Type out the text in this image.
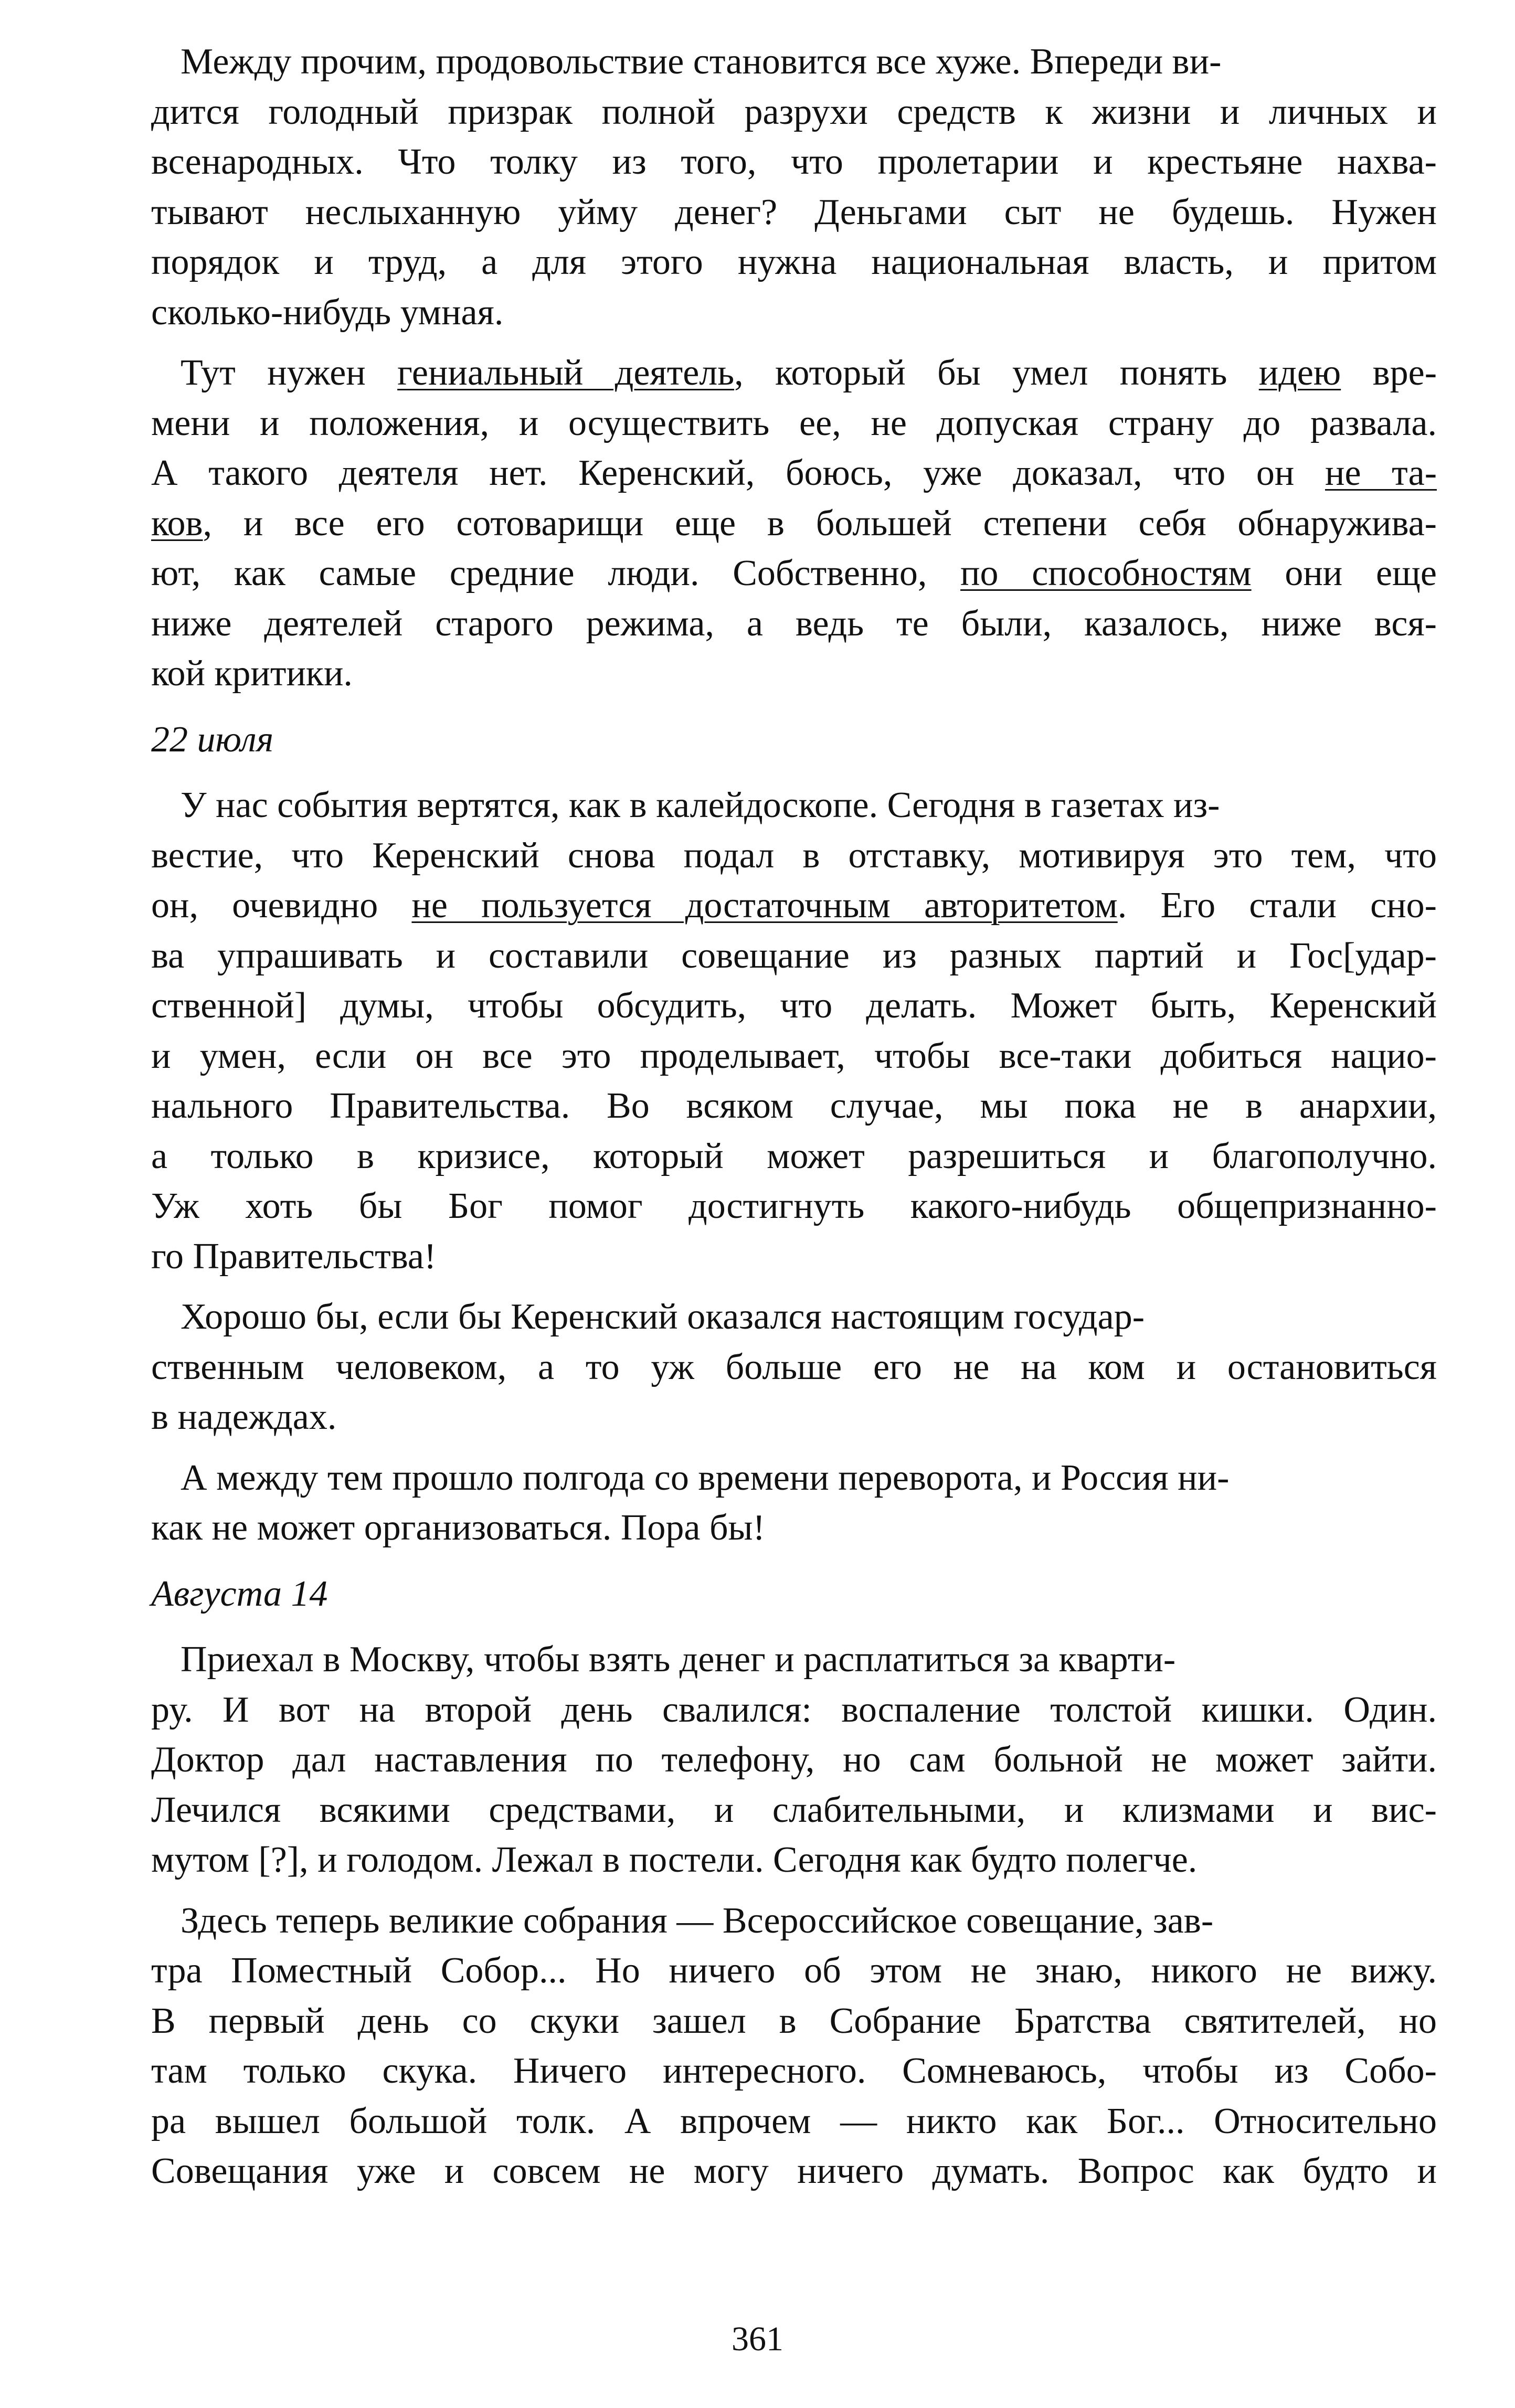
Между прочим, продовольствие становится все хуже. Впереди ви-
дится голодный призрак полной разрухи средств к жизни и личных и
всенародных. Что толку из того, что пролетарии и крестьяне нахва-
тывают неслыханную уйму денег? Деньгами сыт не будешь. Нужен
порядок и труд, а для этого нужна национальная власть, и притом
сколько-нибудь умная.
Тут нужен гениальный деятель, который бы умел понять идею вре-
мени и положения, и осуществить ее, не допуская страну до развала.
А такого деятеля нет. Керенский, боюсь, уже доказал, что он не та-
ков, и все его сотоварищи еще в большей степени себя обнаружива-
ют, как самые средние люди. Собственно, по способностям они еще
ниже деятелей старого режима, а ведь те были, казалось, ниже вся-
кой критики.
22 июля
У нас события вертятся, как в калейдоскопе. Сегодня в газетах из-
вестие, что Керенский снова подал в отставку, мотивируя это тем, что
он, очевидно не пользуется достаточным авторитетом. Его стали сно-
ва упрашивать и составили совещание из разных партий и Гос[удар-
ственной] думы, чтобы обсудить, что делать. Может быть, Керенский
и умен, если он все это проделывает, чтобы все-таки добиться нацио-
нального Правительства. Во всяком случае, мы пока не в анархии,
а только в кризисе, который может разрешиться и благополучно.
Уж хоть бы Бог помог достигнуть какого-нибудь общепризнанно-
го Правительства!
Хорошо бы, если бы Керенский оказался настоящим государ-
ственным человеком, а то уж больше его не на ком и остановиться
в надеждах.
А между тем прошло полгода со времени переворота, и Россия ни-
как не может организоваться. Пора бы!
Августа 14
Приехал в Москву, чтобы взять денег и расплатиться за кварти-
ру. И вот на второй день свалился: воспаление толстой кишки. Один.
Доктор дал наставления по телефону, но сам больной не может зайти.
Лечился всякими средствами, и слабительными, и клизмами и вис-
мутом [?], и голодом. Лежал в постели. Сегодня как будто полегче.
Здесь теперь великие собрания — Всероссийское совещание, зав-
тра Поместный Собор... Но ничего об этом не знаю, никого не вижу.
В первый день со скуки зашел в Собрание Братства святителей, но
там только скука. Ничего интересного. Сомневаюсь, чтобы из Собо-
ра вышел большой толк. А впрочем — никто как Бог... Относительно
Совещания уже и совсем не могу ничего думать. Вопрос как будто и
361
